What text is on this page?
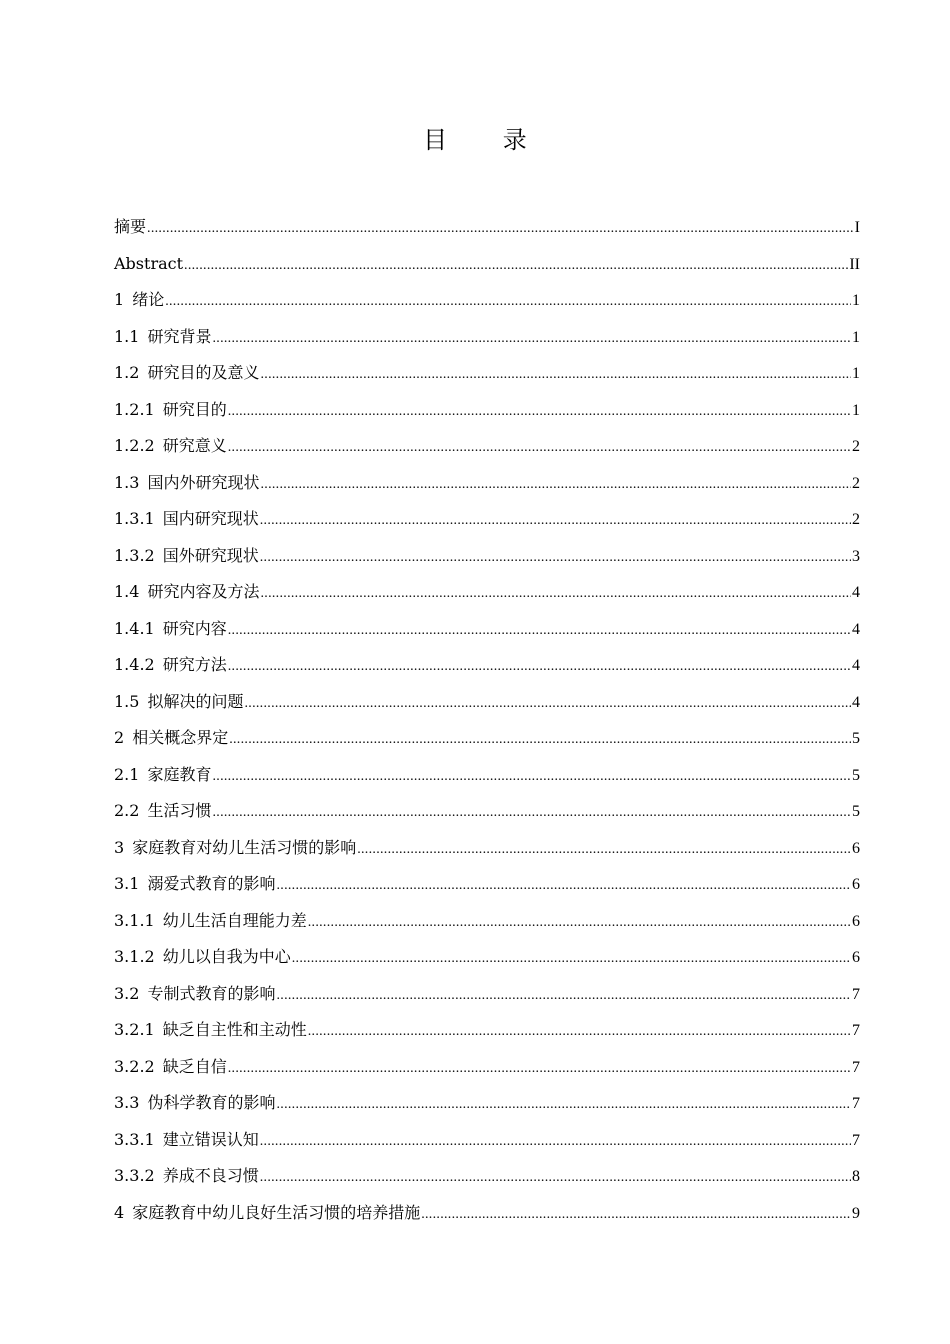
目 录
摘要 .....	I
Abstract .....	II
1 绪论 .....	1
1.1 研究背景 .....	1
1.2 研究目的及意义 .....	1
1.2.1 研究目的 .....	1
1.2.2 研究意义 .....	2
1.3 国内外研究现状 .....	2
1.3.1 国内研究现状 .....	2
1.3.2 国外研究现状 .....	3
1.4 研究内容及方法 .....	4
1.4.1 研究内容 .....	4
1.4.2 研究方法 .....	4
1.5 拟解决的问题 .....	4
2 相关概念界定 .....	5
2.1 家庭教育 .....	5
2.2 生活习惯 .....	5
3 家庭教育对幼儿生活习惯的影响 .....	6
3.1 溺爱式教育的影响 .....	6
3.1.1 幼儿生活自理能力差 .....	6
3.1.2 幼儿以自我为中心 .....	6
3.2 专制式教育的影响 .....	7
3.2.1 缺乏自主性和主动性 .....	7
3.2.2 缺乏自信 .....	7
3.3 伪科学教育的影响 .....	7
3.3.1 建立错误认知 .....	7
3.3.2 养成不良习惯 .....	8
4 家庭教育中幼儿良好生活习惯的培养措施 .....	9
